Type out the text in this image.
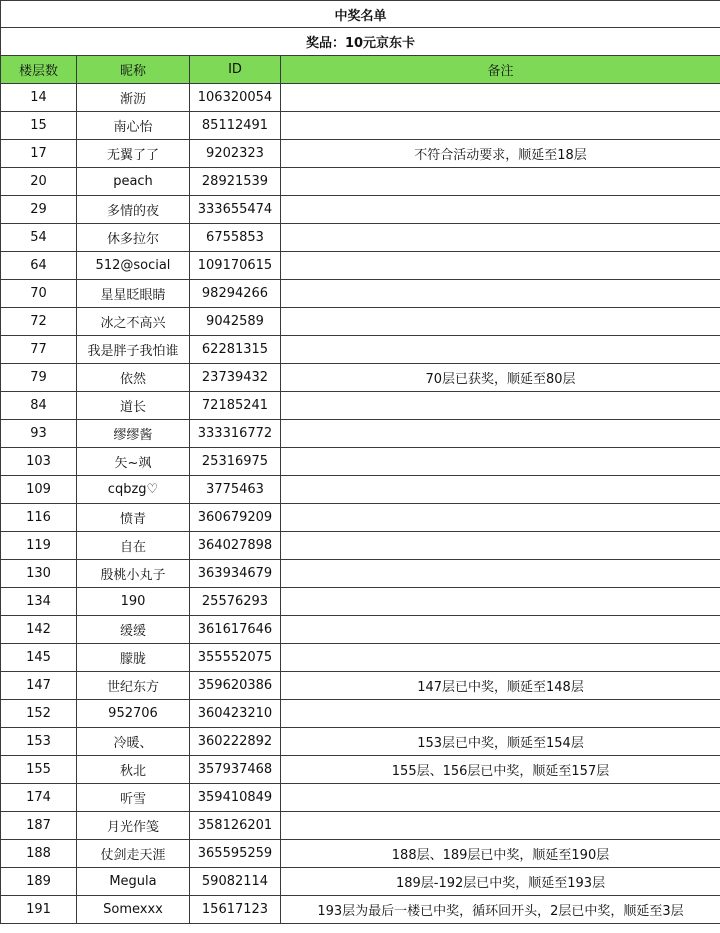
中奖名单			
奖品：10元京东卡			
楼层数	昵称	ID	备注
14	渐沥	106320054	
15	南心怡	85112491	
17	无翼了了	9202323	不符合活动要求，顺延至18层
20	peach	28921539	
29	多情的夜	333655474	
54	休多拉尔	6755853	
64	512@social	109170615	
70	星星眨眼睛	98294266	
72	冰之不高兴	9042589	
77	我是胖子我怕谁	62281315	
79	依然	23739432	70层已获奖，顺延至80层
84	道长	72185241	
93	缪缪酱	333316772	
103	矢~飒	25316975	
109	cqbzg♡	3775463	
116	愤青	360679209	
119	自在	364027898	
130	殷桃小丸子	363934679	
134	190	25576293	
142	缓缓	361617646	
145	朦胧	355552075	
147	世纪东方	359620386	147层已中奖，顺延至148层
152	952706	360423210	
153	冷暖、	360222892	153层已中奖，顺延至154层
155	秋北	357937468	155层、156层已中奖，顺延至157层
174	听雪	359410849	
187	月光作笺	358126201	
188	仗剑走天涯	365595259	188层、189层已中奖，顺延至190层
189	Megula	59082114	189层-192层已中奖，顺延至193层
191	Somexxx	15617123	193层为最后一楼已中奖，循环回开头，2层已中奖，顺延至3层
